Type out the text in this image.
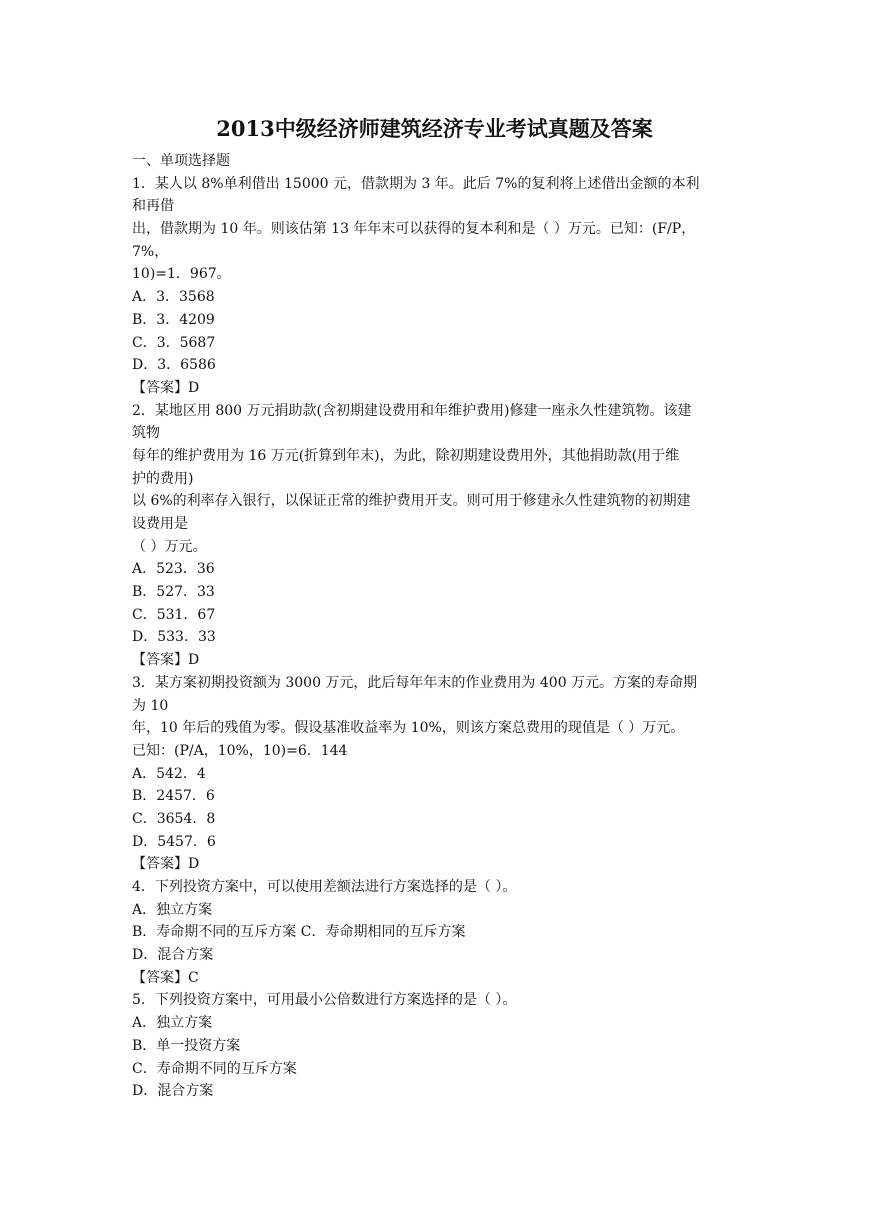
2013中级经济师建筑经济专业考试真题及答案
一、单项选择题
1．某人以 8%单利借出 15000 元，借款期为 3 年。此后 7%的复利将上述借出金额的本利
和再借
出，借款期为 10 年。则该估第 13 年年末可以获得的复本利和是（ ）万元。已知：(F/P，
7%，
10)=1．967。
A．3．3568
B．3．4209
C．3．5687
D．3．6586
【答案】D
2．某地区用 800 万元捐助款(含初期建设费用和年维护费用)修建一座永久性建筑物。该建
筑物
每年的维护费用为 16 万元(折算到年末)，为此，除初期建设费用外，其他捐助款(用于维
护的费用)
以 6%的利率存入银行，以保证正常的维护费用开支。则可用于修建永久性建筑物的初期建
设费用是
（ ）万元。
A．523．36
B．527．33
C．531．67
D．533．33
【答案】D
3．某方案初期投资额为 3000 万元，此后每年年末的作业费用为 400 万元。方案的寿命期
为 10
年，10 年后的残值为零。假设基准收益率为 10%，则该方案总费用的现值是（ ）万元。
已知：(P/A，10%，10)=6．144
A．542．4
B．2457．6
C．3654．8
D．5457．6
【答案】D
4．下列投资方案中，可以使用差额法进行方案选择的是（ ）。
A．独立方案
B．寿命期不同的互斥方案 C．寿命期相同的互斥方案
D．混合方案
【答案】C
5．下列投资方案中，可用最小公倍数进行方案选择的是（ ）。
A．独立方案
B．单一投资方案
C．寿命期不同的互斥方案
D．混合方案
